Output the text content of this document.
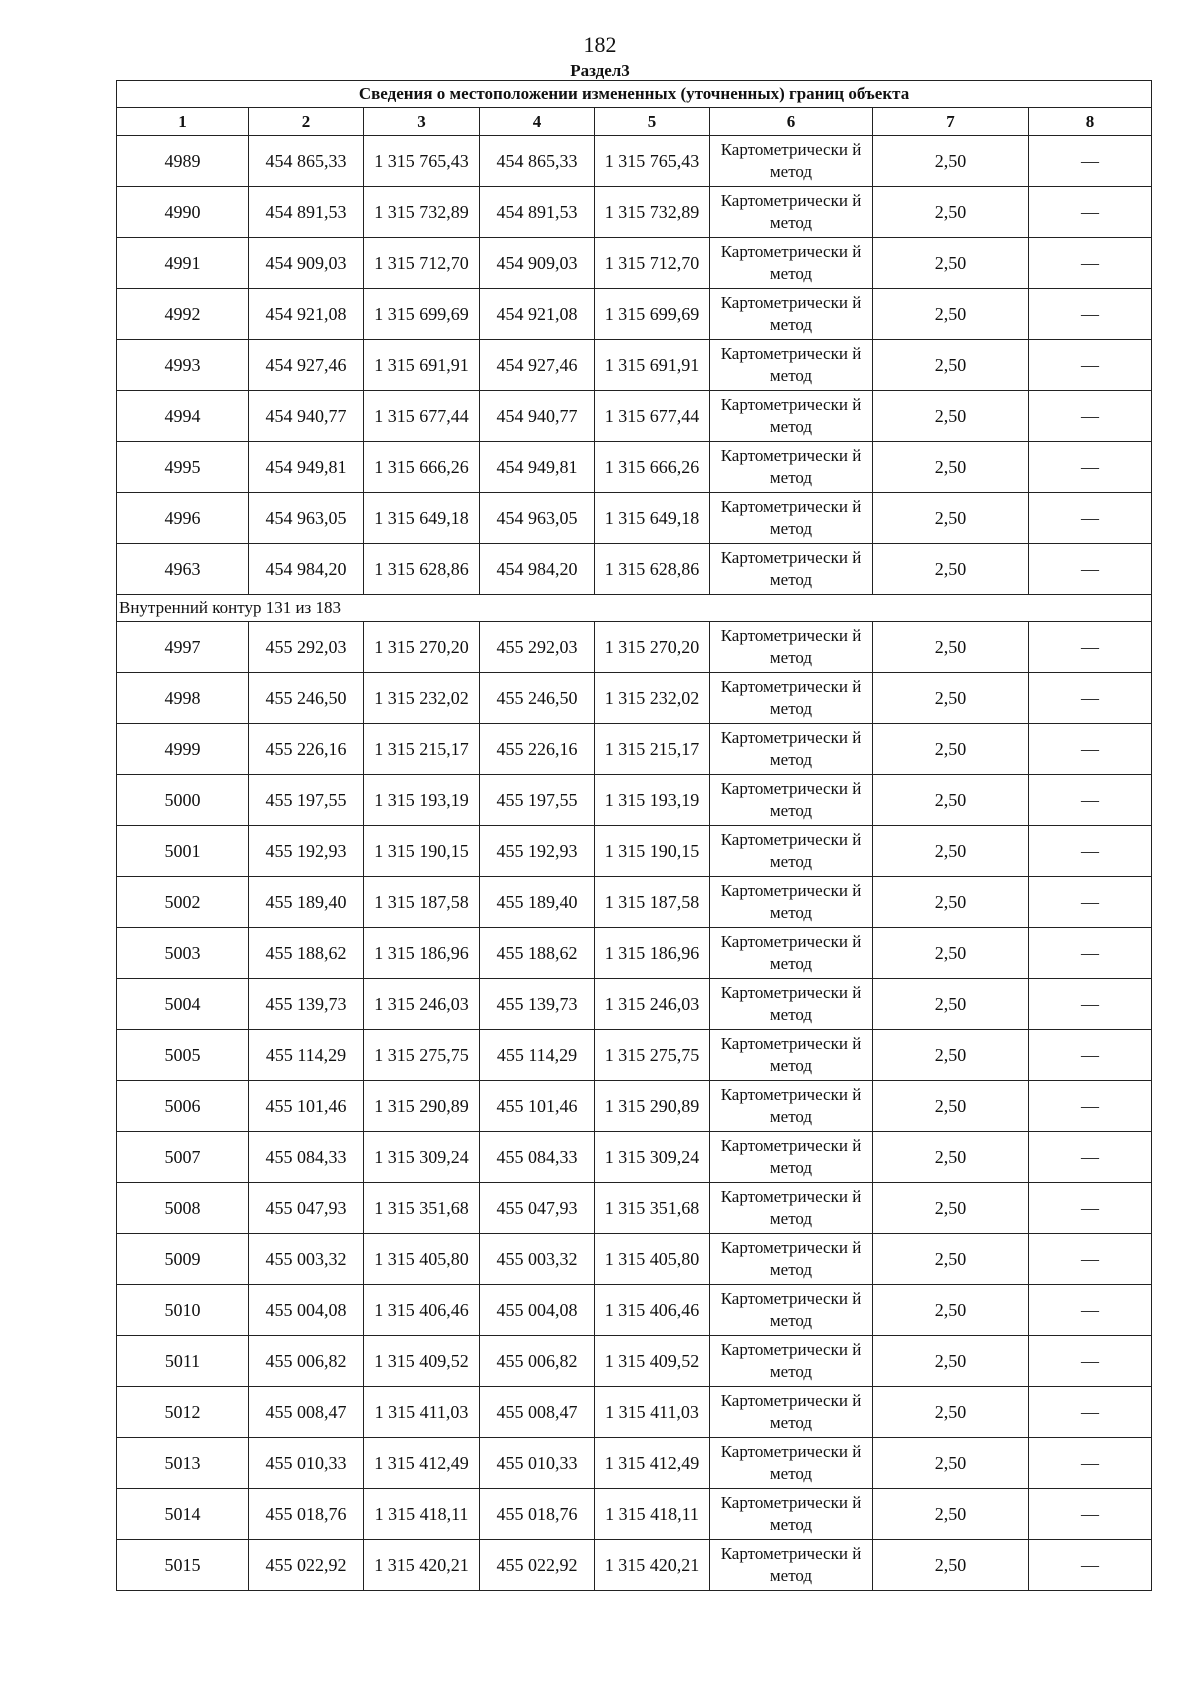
182
Раздел3
Сведения о местоположении измененных (уточненных) границ объекта							
1	2	3	4	5	6	7	8
4989	454 865,33	1 315 765,43	454 865,33	1 315 765,43	Картометрически й метод	2,50	—
4990	454 891,53	1 315 732,89	454 891,53	1 315 732,89	Картометрически й метод	2,50	—
4991	454 909,03	1 315 712,70	454 909,03	1 315 712,70	Картометрически й метод	2,50	—
4992	454 921,08	1 315 699,69	454 921,08	1 315 699,69	Картометрически й метод	2,50	—
4993	454 927,46	1 315 691,91	454 927,46	1 315 691,91	Картометрически й метод	2,50	—
4994	454 940,77	1 315 677,44	454 940,77	1 315 677,44	Картометрически й метод	2,50	—
4995	454 949,81	1 315 666,26	454 949,81	1 315 666,26	Картометрически й метод	2,50	—
4996	454 963,05	1 315 649,18	454 963,05	1 315 649,18	Картометрически й метод	2,50	—
4963	454 984,20	1 315 628,86	454 984,20	1 315 628,86	Картометрически й метод	2,50	—
Внутренний контур 131 из 183							
4997	455 292,03	1 315 270,20	455 292,03	1 315 270,20	Картометрически й метод	2,50	—
4998	455 246,50	1 315 232,02	455 246,50	1 315 232,02	Картометрически й метод	2,50	—
4999	455 226,16	1 315 215,17	455 226,16	1 315 215,17	Картометрически й метод	2,50	—
5000	455 197,55	1 315 193,19	455 197,55	1 315 193,19	Картометрически й метод	2,50	—
5001	455 192,93	1 315 190,15	455 192,93	1 315 190,15	Картометрически й метод	2,50	—
5002	455 189,40	1 315 187,58	455 189,40	1 315 187,58	Картометрически й метод	2,50	—
5003	455 188,62	1 315 186,96	455 188,62	1 315 186,96	Картометрически й метод	2,50	—
5004	455 139,73	1 315 246,03	455 139,73	1 315 246,03	Картометрически й метод	2,50	—
5005	455 114,29	1 315 275,75	455 114,29	1 315 275,75	Картометрически й метод	2,50	—
5006	455 101,46	1 315 290,89	455 101,46	1 315 290,89	Картометрически й метод	2,50	—
5007	455 084,33	1 315 309,24	455 084,33	1 315 309,24	Картометрически й метод	2,50	—
5008	455 047,93	1 315 351,68	455 047,93	1 315 351,68	Картометрически й метод	2,50	—
5009	455 003,32	1 315 405,80	455 003,32	1 315 405,80	Картометрически й метод	2,50	—
5010	455 004,08	1 315 406,46	455 004,08	1 315 406,46	Картометрически й метод	2,50	—
5011	455 006,82	1 315 409,52	455 006,82	1 315 409,52	Картометрически й метод	2,50	—
5012	455 008,47	1 315 411,03	455 008,47	1 315 411,03	Картометрически й метод	2,50	—
5013	455 010,33	1 315 412,49	455 010,33	1 315 412,49	Картометрически й метод	2,50	—
5014	455 018,76	1 315 418,11	455 018,76	1 315 418,11	Картометрически й метод	2,50	—
5015	455 022,92	1 315 420,21	455 022,92	1 315 420,21	Картометрически й метод	2,50	—
